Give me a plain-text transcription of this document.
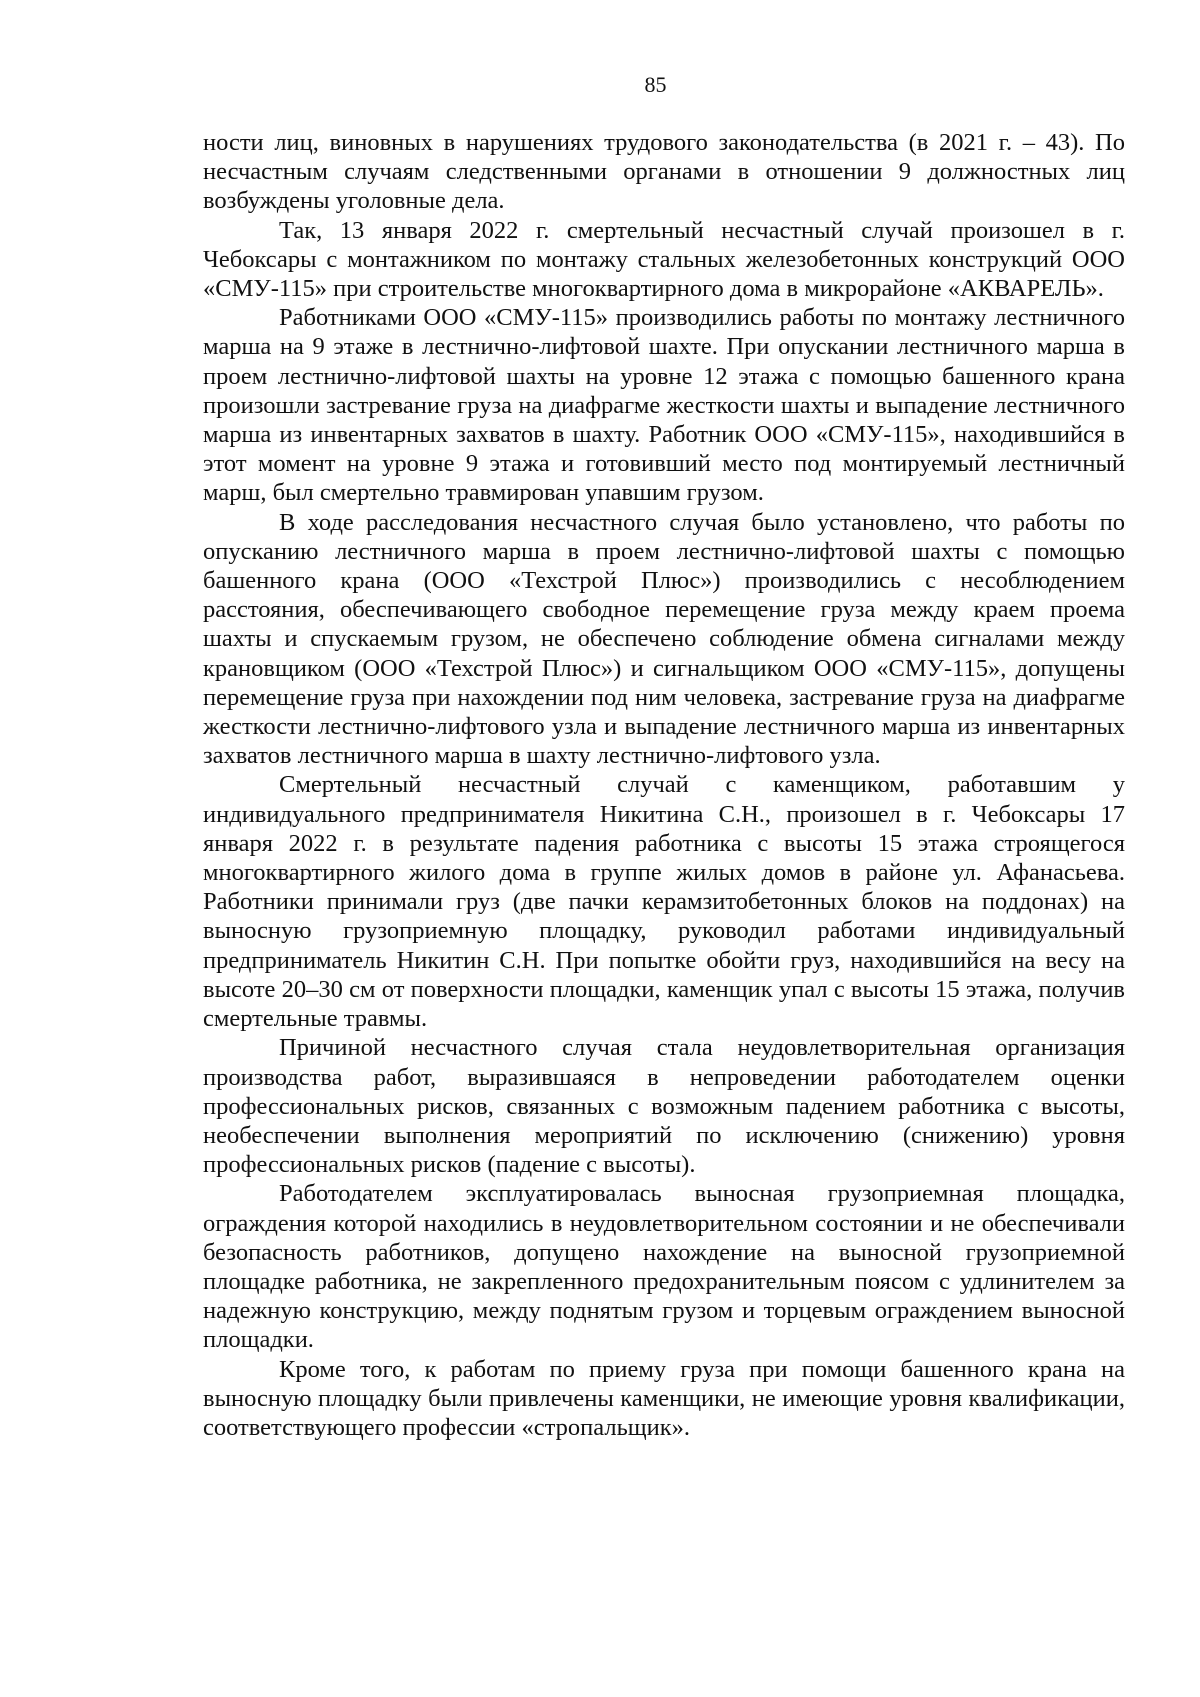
85

ности лиц, виновных в нарушениях трудового законодательства (в 2021 г. – 43). По несчастным случаям следственными органами в отношении 9 должностных лиц возбуждены уголовные дела.

Так, 13 января 2022 г. смертельный несчастный случай произошел в г. Чебоксары с монтажником по монтажу стальных железобетонных конструкций ООО «СМУ-115» при строительстве многоквартирного дома в микрорайоне «АКВАРЕЛЬ».

Работниками ООО «СМУ-115» производились работы по монтажу лестничного марша на 9 этаже в лестнично-лифтовой шахте. При опускании лестничного марша в проем лестнично-лифтовой шахты на уровне 12 этажа с помощью башенного крана произошли застревание груза на диафрагме жесткости шахты и выпадение лестничного марша из инвентарных захватов в шахту. Работник ООО «СМУ-115», находившийся в этот момент на уровне 9 этажа и готовивший место под монтируемый лестничный марш, был смертельно травмирован упавшим грузом.

В ходе расследования несчастного случая было установлено, что работы по опусканию лестничного марша в проем лестнично-лифтовой шахты с помощью башенного крана (ООО «Техстрой Плюс») производились с несоблюдением расстояния, обеспечивающего свободное перемещение груза между краем проема шахты и спускаемым грузом, не обеспечено соблюдение обмена сигналами между крановщиком (ООО «Техстрой Плюс») и сигнальщиком ООО «СМУ-115», допущены перемещение груза при нахождении под ним человека, застревание груза на диафрагме жесткости лестнично-лифтового узла и выпадение лестничного марша из инвентарных захватов лестничного марша в шахту лестнично-лифтового узла.

Смертельный несчастный случай с каменщиком, работавшим у индивидуального предпринимателя Никитина С.Н., произошел в г. Чебоксары 17 января 2022 г. в результате падения работника с высоты 15 этажа строящегося многоквартирного жилого дома в группе жилых домов в районе ул. Афанасьева. Работники принимали груз (две пачки керамзитобетонных блоков на поддонах) на выносную грузоприемную площадку, руководил работами индивидуальный предприниматель Никитин С.Н. При попытке обойти груз, находившийся на весу на высоте 20–30 см от поверхности площадки, каменщик упал с высоты 15 этажа, получив смертельные травмы.

Причиной несчастного случая стала неудовлетворительная организация производства работ, выразившаяся в непроведении работодателем оценки профессиональных рисков, связанных с возможным падением работника с высоты, необеспечении выполнения мероприятий по исключению (снижению) уровня профессиональных рисков (падение с высоты).

Работодателем эксплуатировалась выносная грузоприемная площадка, ограждения которой находились в неудовлетворительном состоянии и не обеспечивали безопасность работников, допущено нахождение на выносной грузоприемной площадке работника, не закрепленного предохранительным поясом с удлинителем за надежную конструкцию, между поднятым грузом и торцевым ограждением выносной площадки.

Кроме того, к работам по приему груза при помощи башенного крана на выносную площадку были привлечены каменщики, не имеющие уровня квалификации, соответствующего профессии «стропальщик».
